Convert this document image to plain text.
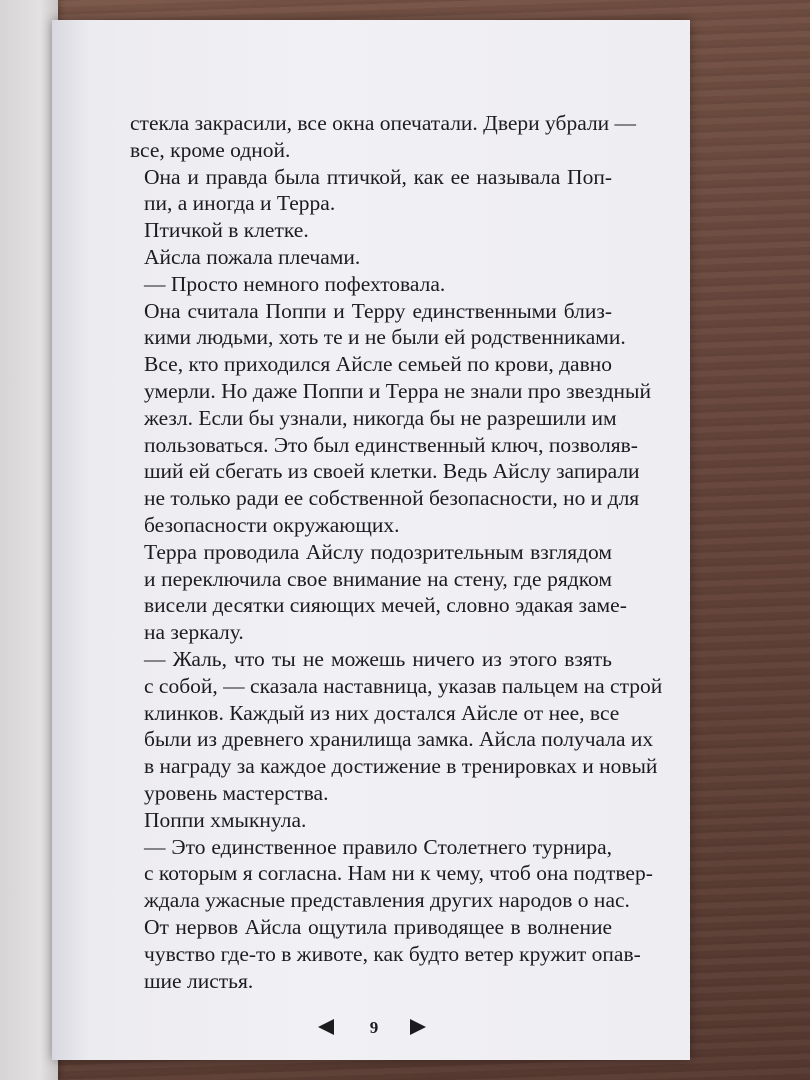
стекла закрасили, все окна опечатали. Двери убрали —
все, кроме одной.

Она и правда была птичкой, как ее называла Поп-
пи, а иногда и Терра.

Птичкой в клетке.

Айсла пожала плечами.

— Просто немного пофехтовала.

Она считала Поппи и Терру единственными близ-
кими людьми, хоть те и не были ей родственниками.
Все, кто приходился Айсле семьей по крови, давно
умерли. Но даже Поппи и Терра не знали про звездный
жезл. Если бы узнали, никогда бы не разрешили им
пользоваться. Это был единственный ключ, позволяв-
ший ей сбегать из своей клетки. Ведь Айслу запирали
не только ради ее собственной безопасности, но и для
безопасности окружающих.

Терра проводила Айслу подозрительным взглядом
и переключила свое внимание на стену, где рядком
висели десятки сияющих мечей, словно эдакая заме-
на зеркалу.

— Жаль, что ты не можешь ничего из этого взять
с собой, — сказала наставница, указав пальцем на строй
клинков. Каждый из них достался Айсле от нее, все
были из древнего хранилища замка. Айсла получала их
в награду за каждое достижение в тренировках и новый
уровень мастерства.

Поппи хмыкнула.

— Это единственное правило Столетнего турнира,
с которым я согласна. Нам ни к чему, чтоб она подтвер-
ждала ужасные представления других народов о нас.

От нервов Айсла ощутила приводящее в волнение
чувство где-то в животе, как будто ветер кружит опав-
шие листья.

9
